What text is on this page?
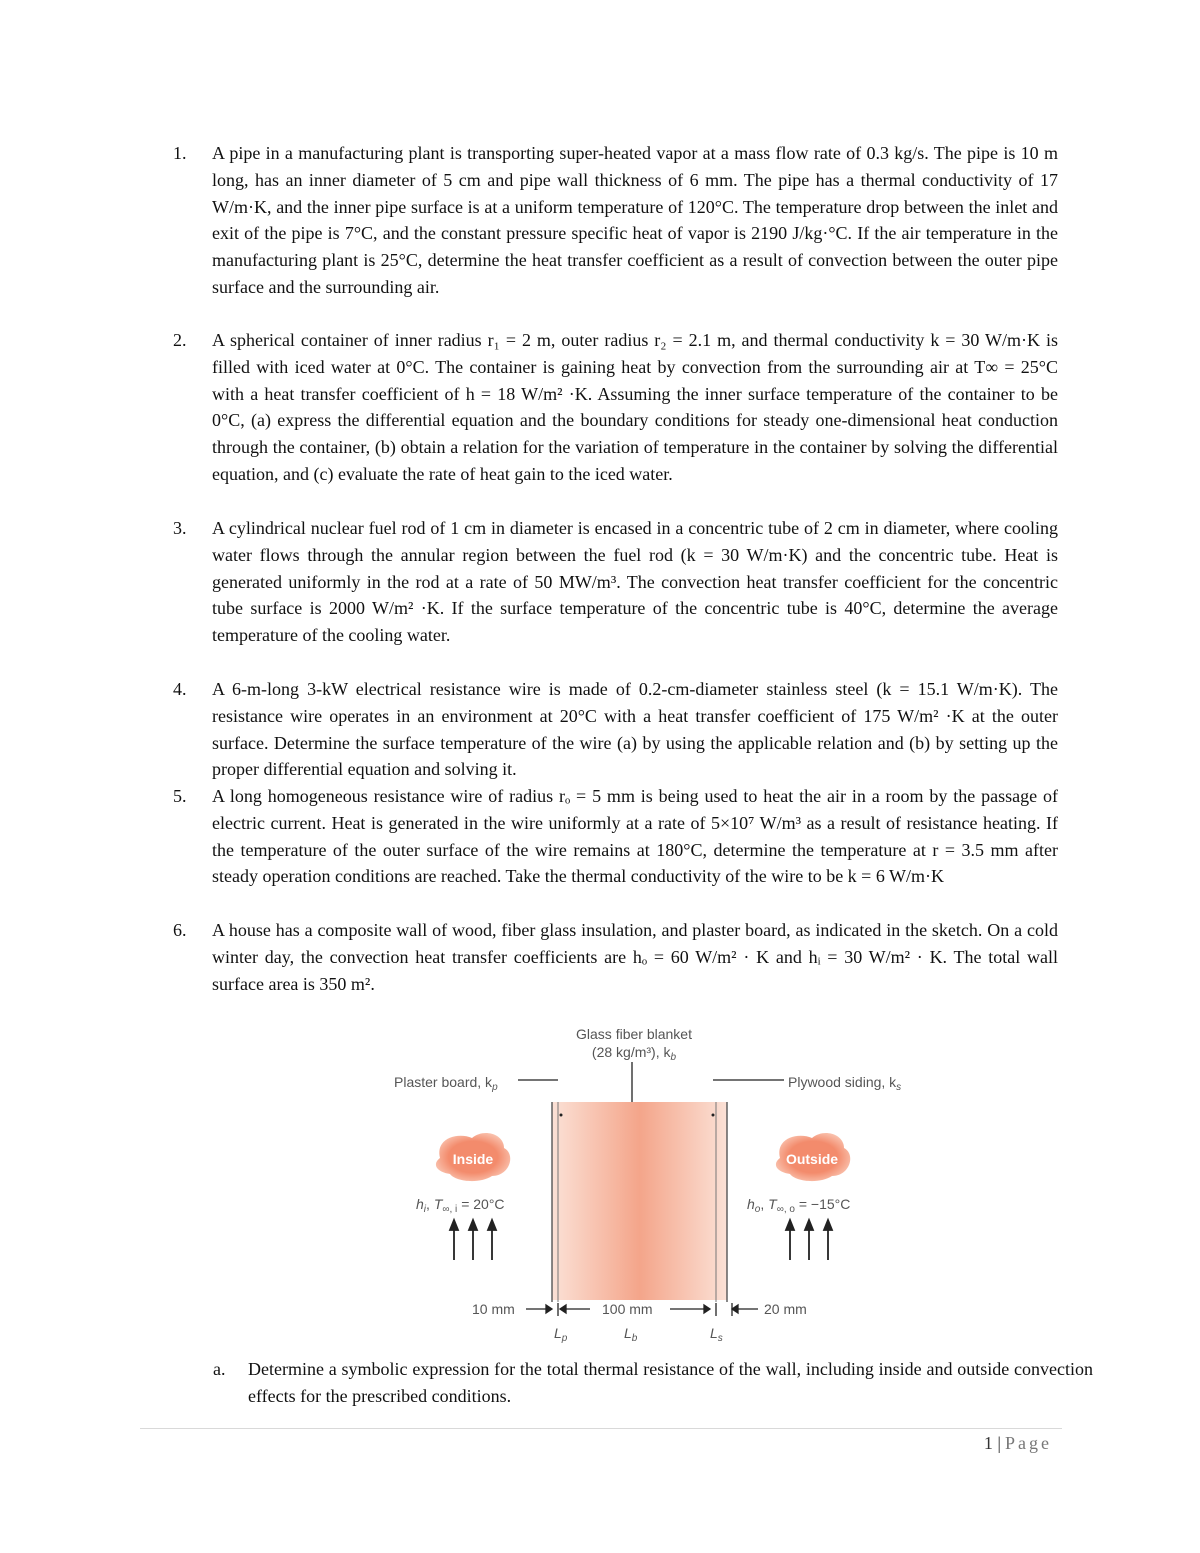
1. A pipe in a manufacturing plant is transporting super-heated vapor at a mass flow rate of 0.3 kg/s. The pipe is 10 m long, has an inner diameter of 5 cm and pipe wall thickness of 6 mm. The pipe has a thermal conductivity of 17 W/m·K, and the inner pipe surface is at a uniform temperature of 120°C. The temperature drop between the inlet and exit of the pipe is 7°C, and the constant pressure specific heat of vapor is 2190 J/kg·°C. If the air temperature in the manufacturing plant is 25°C, determine the heat transfer coefficient as a result of convection between the outer pipe surface and the surrounding air.
2. A spherical container of inner radius r₁ = 2 m, outer radius r₂ = 2.1 m, and thermal conductivity k = 30 W/m·K is filled with iced water at 0°C. The container is gaining heat by convection from the surrounding air at T∞ = 25°C with a heat transfer coefficient of h = 18 W/m² ·K. Assuming the inner surface temperature of the container to be 0°C, (a) express the differential equation and the boundary conditions for steady one-dimensional heat conduction through the container, (b) obtain a relation for the variation of temperature in the container by solving the differential equation, and (c) evaluate the rate of heat gain to the iced water.
3. A cylindrical nuclear fuel rod of 1 cm in diameter is encased in a concentric tube of 2 cm in diameter, where cooling water flows through the annular region between the fuel rod (k = 30 W/m·K) and the concentric tube. Heat is generated uniformly in the rod at a rate of 50 MW/m³. The convection heat transfer coefficient for the concentric tube surface is 2000 W/m² ·K. If the surface temperature of the concentric tube is 40°C, determine the average temperature of the cooling water.
4. A 6-m-long 3-kW electrical resistance wire is made of 0.2-cm-diameter stainless steel (k = 15.1 W/m·K). The resistance wire operates in an environment at 20°C with a heat transfer coefficient of 175 W/m² ·K at the outer surface. Determine the surface temperature of the wire (a) by using the applicable relation and (b) by setting up the proper differential equation and solving it.
5. A long homogeneous resistance wire of radius rₒ = 5 mm is being used to heat the air in a room by the passage of electric current. Heat is generated in the wire uniformly at a rate of 5×10⁷ W/m³ as a result of resistance heating. If the temperature of the outer surface of the wire remains at 180°C, determine the temperature at r = 3.5 mm after steady operation conditions are reached. Take the thermal conductivity of the wire to be k = 6 W/m·K
6. A house has a composite wall of wood, fiber glass insulation, and plaster board, as indicated in the sketch. On a cold winter day, the convection heat transfer coefficients are hₒ = 60 W/m² · K and hᵢ = 30 W/m² · K. The total wall surface area is 350 m².
Glass fiber blanket
(28 kg/m³), $k_b$
Plaster board, $k_p$	Plywood siding, $k_s$
Inside	Outside
$h_i$, $T_{\infty, i} = 20^\circ C$	$h_o$, $T_{\infty, o} = -15^\circ C$
10 mm	100 mm	20 mm
$L_p$	$L_b$	$L_s$
a. Determine a symbolic expression for the total thermal resistance of the wall, including inside and outside convection effects for the prescribed conditions.
1 | Page
